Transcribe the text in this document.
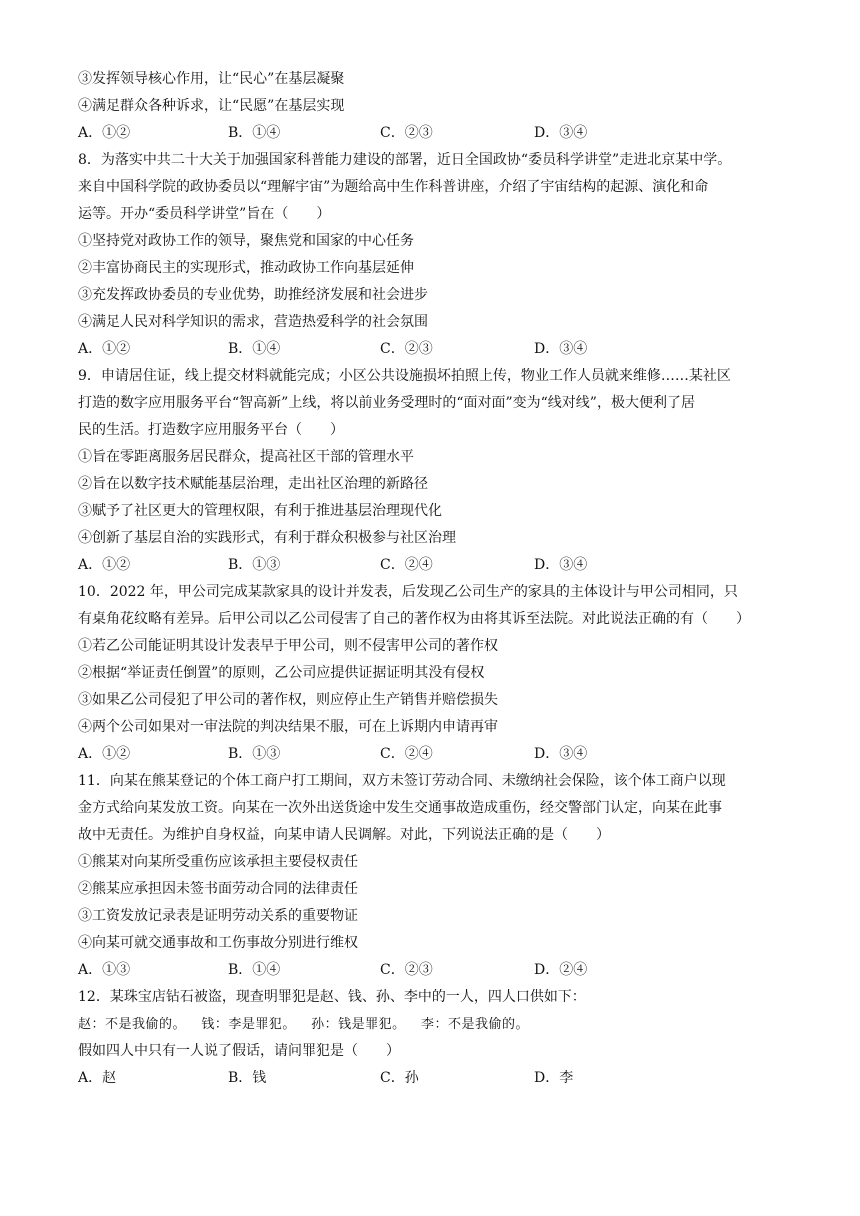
③发挥领导核心作用，让“民心”在基层凝聚
④满足群众各种诉求，让“民愿”在基层实现
A．①②	B．①④	C．②③	D．③④
8．为落实中共二十大关于加强国家科普能力建设的部署，近日全国政协“委员科学讲堂”走进北京某中学。
来自中国科学院的政协委员以“理解宇宙”为题给高中生作科普讲座，介绍了宇宙结构的起源、演化和命
运等。开办“委员科学讲堂”旨在（　　）
①坚持党对政协工作的领导，聚焦党和国家的中心任务
②丰富协商民主的实现形式，推动政协工作向基层延伸
③充发挥政协委员的专业优势，助推经济发展和社会进步
④满足人民对科学知识的需求，营造热爱科学的社会氛围
A．①②	B．①④	C．②③	D．③④
9．申请居住证，线上提交材料就能完成；小区公共设施损坏拍照上传，物业工作人员就来维修……某社区
打造的数字应用服务平台“智高新”上线，将以前业务受理时的“面对面”变为“线对线”，极大便利了居
民的生活。打造数字应用服务平台（　　）
①旨在零距离服务居民群众，提高社区干部的管理水平
②旨在以数字技术赋能基层治理，走出社区治理的新路径
③赋予了社区更大的管理权限，有利于推进基层治理现代化
④创新了基层自治的实践形式，有利于群众积极参与社区治理
A．①②	B．①③	C．②④	D．③④
10．2022 年，甲公司完成某款家具的设计并发表，后发现乙公司生产的家具的主体设计与甲公司相同，只
有桌角花纹略有差异。后甲公司以乙公司侵害了自己的著作权为由将其诉至法院。对此说法正确的有（　　）
①若乙公司能证明其设计发表早于甲公司，则不侵害甲公司的著作权
②根据“举证责任倒置”的原则，乙公司应提供证据证明其没有侵权
③如果乙公司侵犯了甲公司的著作权，则应停止生产销售并赔偿损失
④两个公司如果对一审法院的判决结果不服，可在上诉期内申请再审
A．①②	B．①③	C．②④	D．③④
11．向某在熊某登记的个体工商户打工期间，双方未签订劳动合同、未缴纳社会保险，该个体工商户以现
金方式给向某发放工资。向某在一次外出送货途中发生交通事故造成重伤，经交警部门认定，向某在此事
故中无责任。为维护自身权益，向某申请人民调解。对此，下列说法正确的是（　　）
①熊某对向某所受重伤应该承担主要侵权责任
②熊某应承担因未签书面劳动合同的法律责任
③工资发放记录表是证明劳动关系的重要物证
④向某可就交通事故和工伤事故分别进行维权
A．①③	B．①④	C．②③	D．②④
12．某珠宝店钻石被盗，现查明罪犯是赵、钱、孙、李中的一人，四人口供如下：
赵：不是我偷的。　 钱：李是罪犯。　 孙：钱是罪犯。　 李：不是我偷的。
假如四人中只有一人说了假话，请问罪犯是（　　）
A．赵	B．钱	C．孙	D．李
